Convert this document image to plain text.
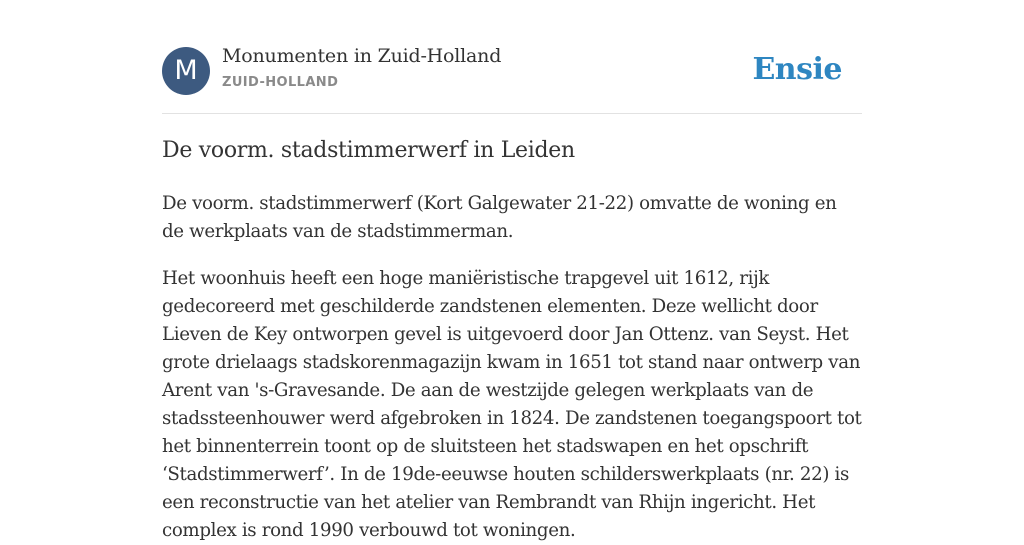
M	Monumenten in Zuid-Holland
ZUID-HOLLAND	Ensie
De voorm. stadstimmerwerf in Leiden

De voorm. stadstimmerwerf (Kort Galgewater 21-22) omvatte de woning en de werkplaats van de stadstimmerman.

Het woonhuis heeft een hoge maniëristische trapgevel uit 1612, rijk gedecoreerd met geschilderde zandstenen elementen. Deze wellicht door Lieven de Key ontworpen gevel is uitgevoerd door Jan Ottenz. van Seyst. Het grote drielaags stadskorenmagazijn kwam in 1651 tot stand naar ontwerp van Arent van 's-Gravesande. De aan de westzijde gelegen werkplaats van de stadssteenhouwer werd afgebroken in 1824. De zandstenen toegangspoort tot het binnenterrein toont op de sluitsteen het stadswapen en het opschrift ‘Stadstimmerwerf’. In de 19de-eeuwse houten schilderswerkplaats (nr. 22) is een reconstructie van het atelier van Rembrandt van Rhijn ingericht. Het complex is rond 1990 verbouwd tot woningen.
